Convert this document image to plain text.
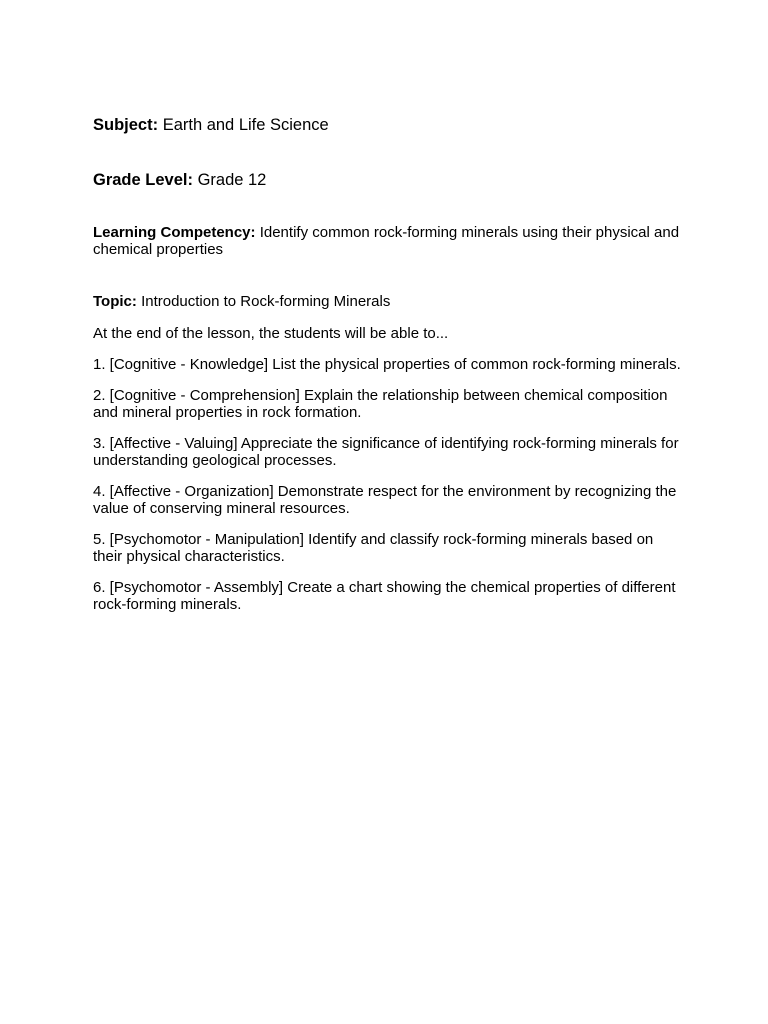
Subject: Earth and Life Science

Grade Level: Grade 12

Learning Competency: Identify common rock-forming minerals using their physical and chemical properties

Topic: Introduction to Rock-forming Minerals

At the end of the lesson, the students will be able to...

1. [Cognitive - Knowledge] List the physical properties of common rock-forming minerals.
2. [Cognitive - Comprehension] Explain the relationship between chemical composition and mineral properties in rock formation.
3. [Affective - Valuing] Appreciate the significance of identifying rock-forming minerals for understanding geological processes.
4. [Affective - Organization] Demonstrate respect for the environment by recognizing the value of conserving mineral resources.
5. [Psychomotor - Manipulation] Identify and classify rock-forming minerals based on their physical characteristics.
6. [Psychomotor - Assembly] Create a chart showing the chemical properties of different rock-forming minerals.
